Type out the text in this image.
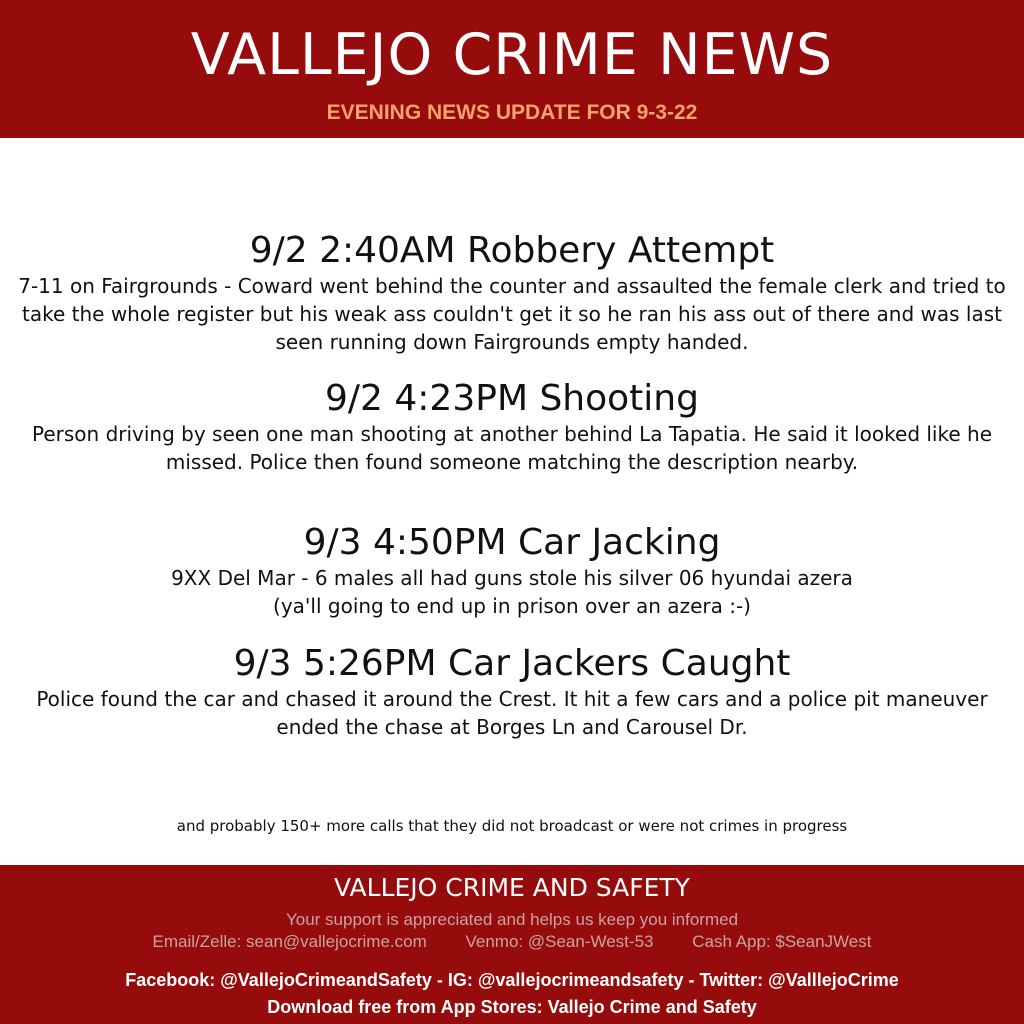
VALLEJO CRIME NEWS
EVENING NEWS UPDATE FOR 9-3-22
9/2 2:40AM Robbery Attempt

7-11 on Fairgrounds - Coward went behind the counter and assaulted the female clerk and tried to take the whole register but his weak ass couldn't get it so he ran his ass out of there and was last seen running down Fairgrounds empty handed.

9/2 4:23PM Shooting

Person driving by seen one man shooting at another behind La Tapatia. He said it looked like he missed. Police then found someone matching the description nearby.

9/3 4:50PM Car Jacking

9XX Del Mar - 6 males all had guns stole his silver 06 hyundai azera

(ya'll going to end up in prison over an azera :-)

9/3 5:26PM Car Jackers Caught

Police found the car and chased it around the Crest. It hit a few cars and a police pit maneuver ended the chase at Borges Ln and Carousel Dr.

and probably 150+ more calls that they did not broadcast or were not crimes in progress
VALLEJO CRIME AND SAFETY
Your support is appreciated and helps us keep you informed
Email/Zelle: sean@vallejocrime.com Venmo: @Sean-West-53 Cash App: $SeanJWest
Facebook: @VallejoCrimeandSafety - IG: @vallejocrimeandsafety - Twitter: @ValllejoCrime
Download free from App Stores: Vallejo Crime and Safety
